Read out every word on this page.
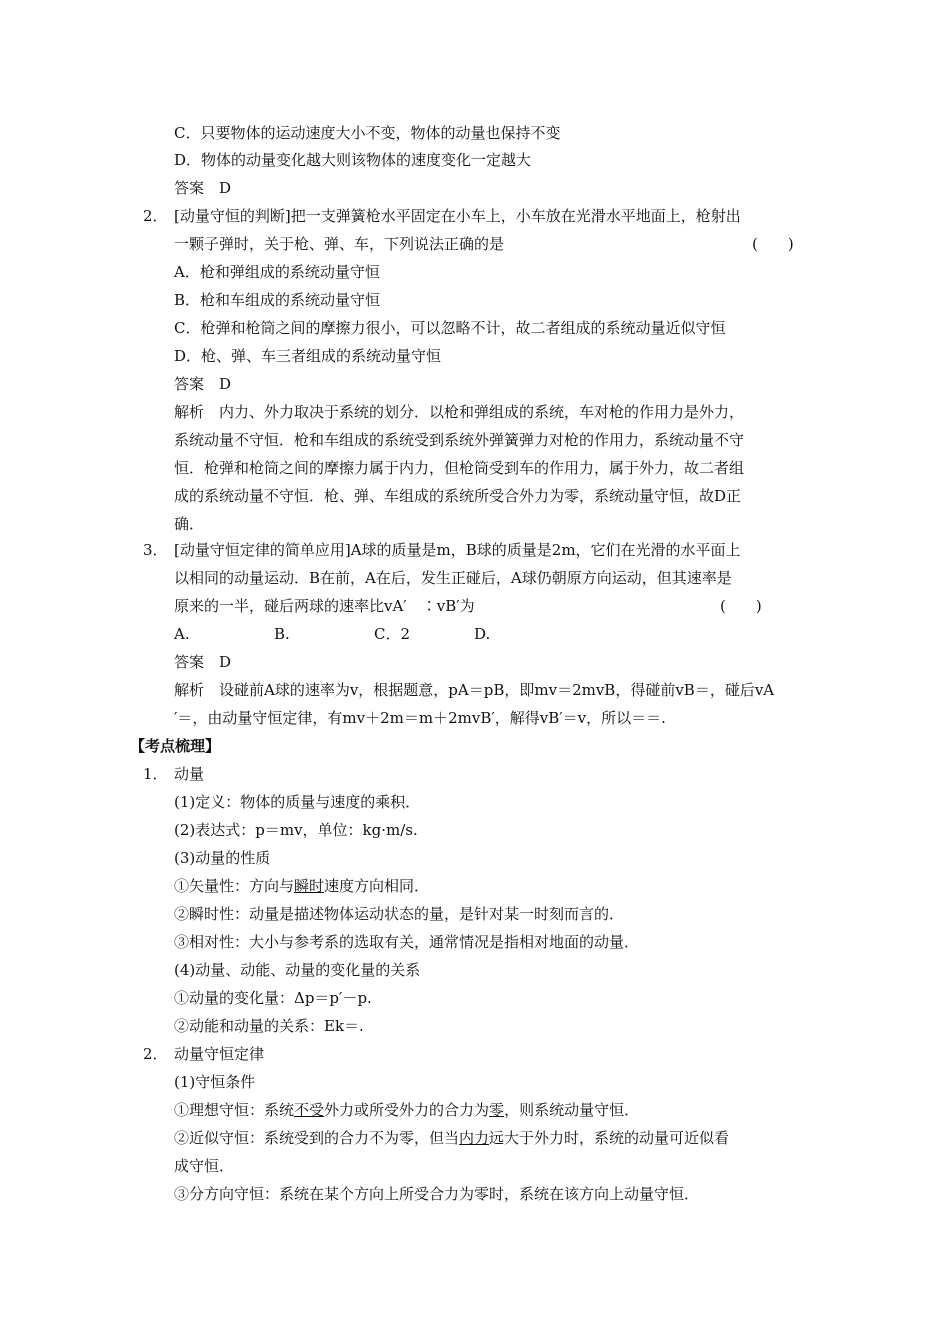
C．只要物体的运动速度大小不变，物体的动量也保持不变
D．物体的动量变化越大则该物体的速度变化一定越大
答案　D
2． [动量守恒的判断]把一支弹簧枪水平固定在小车上，小车放在光滑水平地面上，枪射出
一颗子弹时，关于枪、弹、车，下列说法正确的是	(　　)
A．枪和弹组成的系统动量守恒
B．枪和车组成的系统动量守恒
C．枪弹和枪筒之间的摩擦力很小，可以忽略不计，故二者组成的系统动量近似守恒
D．枪、弹、车三者组成的系统动量守恒
答案　D
解析　内力、外力取决于系统的划分．以枪和弹组成的系统，车对枪的作用力是外力，
系统动量不守恒．枪和车组成的系统受到系统外弹簧弹力对枪的作用力，系统动量不守
恒．枪弹和枪筒之间的摩擦力属于内力，但枪筒受到车的作用力，属于外力，故二者组
成的系统动量不守恒．枪、弹、车组成的系统所受合外力为零，系统动量守恒，故D正
确．
3． [动量守恒定律的简单应用]A球的质量是m，B球的质量是2m，它们在光滑的水平面上
以相同的动量运动．B在前，A在后，发生正碰后，A球仍朝原方向运动，但其速率是
原来的一半，碰后两球的速率比vA′　∶vB′为	(　　)
A.	B.	C．2	D.
答案　D
解析　设碰前A球的速率为v，根据题意，pA＝pB，即mv＝2mvB，得碰前vB＝，碰后vA
′＝，由动量守恒定律，有mv＋2m＝m＋2mvB′，解得vB′＝v，所以＝＝.
【考点梳理】
1． 动量
(1)定义：物体的质量与速度的乘积．
(2)表达式：p＝mv，单位：kg·m/s.
(3)动量的性质
①矢量性：方向与瞬时速度方向相同．
②瞬时性：动量是描述物体运动状态的量，是针对某一时刻而言的．
③相对性：大小与参考系的选取有关，通常情况是指相对地面的动量．
(4)动量、动能、动量的变化量的关系
①动量的变化量：Δp＝p′－p.
②动能和动量的关系：Ek＝.
2． 动量守恒定律
(1)守恒条件
①理想守恒：系统不受外力或所受外力的合力为零，则系统动量守恒．
②近似守恒：系统受到的合力不为零，但当内力远大于外力时，系统的动量可近似看
成守恒．
③分方向守恒：系统在某个方向上所受合力为零时，系统在该方向上动量守恒．
